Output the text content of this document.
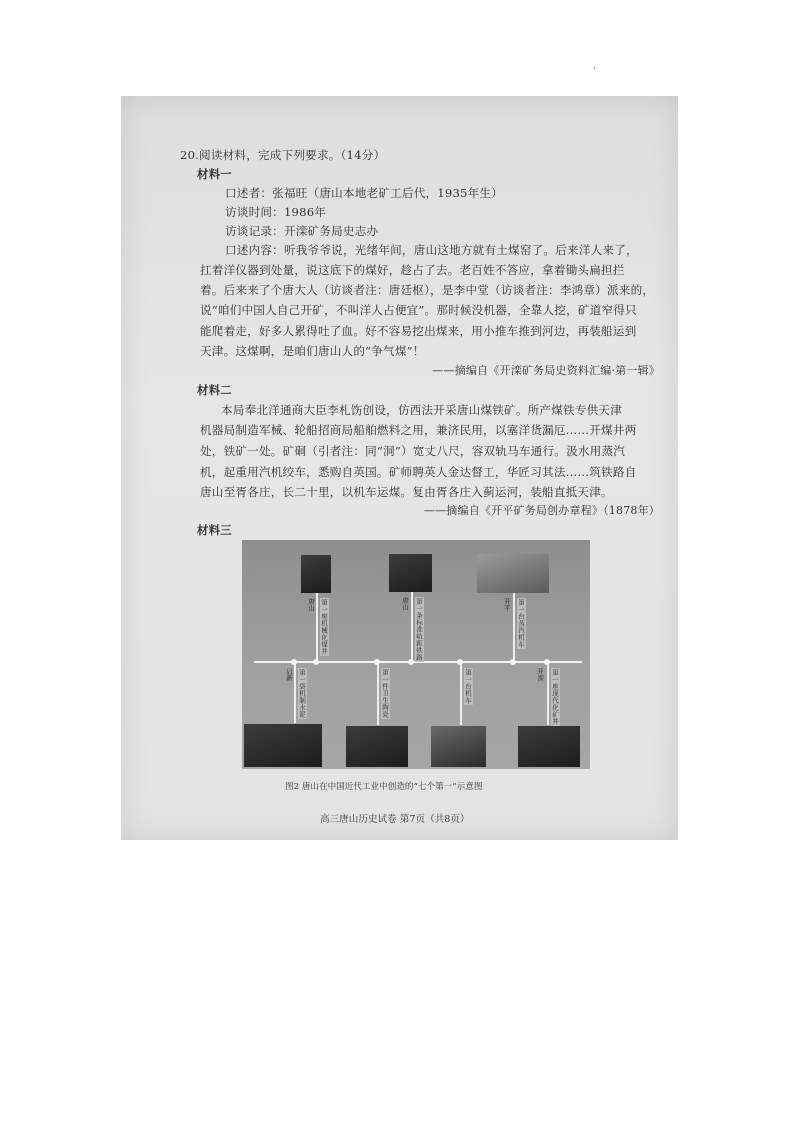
·
20.阅读材料，完成下列要求。（14分）
材料一
口述者：张福旺（唐山本地老矿工后代，1935年生）
访谈时间：1986年
访谈记录：开滦矿务局史志办
口述内容：听我爷爷说，光绪年间，唐山这地方就有土煤窑了。后来洋人来了，
扛着洋仪器到处量，说这底下的煤好，趁占了去。老百姓不答应，拿着锄头扁担拦
着。后来来了个唐大人（访谈者注：唐廷枢），是李中堂（访谈者注：李鸿章）派来的，
说“咱们中国人自己开矿，不叫洋人占便宜”。那时候没机器，全靠人挖，矿道窄得只
能爬着走，好多人累得吐了血。好不容易挖出煤来，用小推车推到河边，再装船运到
天津。这煤啊，是咱们唐山人的“争气煤”！
——摘编自《开滦矿务局史资料汇编·第一辑》
材料二
本局奉北洋通商大臣李札饬创设，仿西法开采唐山煤铁矿。所产煤铁专供天津
机器局制造军械、轮船招商局船舶燃料之用，兼济民用，以塞洋货漏厄……开煤井两
处，铁矿一处。矿硐（引者注：同“洞”）宽丈八尺，容双轨马车通行。汲水用蒸汽
机，起重用汽机绞车，悉购自英国。矿师聘英人金达督工，华匠习其法……筑铁路自
唐山至胥各庄，长二十里，以机车运煤。复由胥各庄入蓟运河，装船直抵天津。
——摘编自《开平矿务局创办章程》（1878年）
材料三
第一座机械化煤井
唐山	第一条标准轨距铁路
唐山	第一台蒸汽机车
开平
第一袋机制水泥
启新	第一件卫生陶瓷	第一台机车	第一座现代化矿井
开滦
图2 唐山在中国近代工业中创造的“七个第一”示意图
高三唐山历史试卷 第7页（共8页）
